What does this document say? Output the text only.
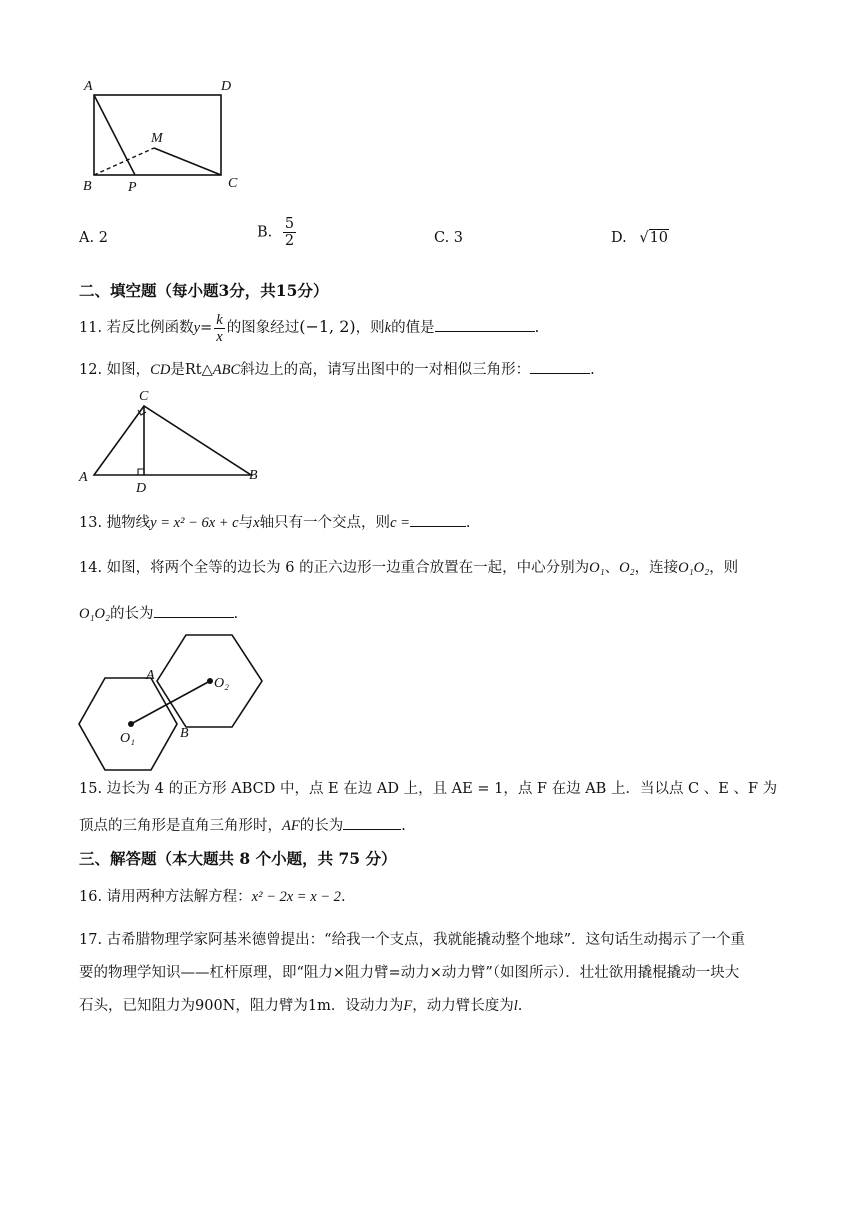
A	D
M
B	P	C
A. 2	B. $\frac{5}{2}$	C. 3	D. √10
二、填空题（每小题3分，共15分）
11. 若反比例函数$y= \frac{k}{x}$ 的图象经过(−1, 2)，则k的值是	.
12. 如图，CD是Rt△ABC斜边上的高，请写出图中的一对相似三角形：	.
C
A	B
D
13. 抛物线y = x² − 6x + c与x轴只有一个交点，则c =	.
14. 如图，将两个全等的边长为 6 的正六边形一边重合放置在一起，中心分别为O₁、O₂，连接O₁O₂，则
O₁O₂的长为	.
A
B
O₁
O₂
15. 边长为 4 的正方形 ABCD 中，点 E 在边 AD 上，且 AE = 1，点 F 在边 AB 上．当以点 C 、E 、F 为
顶点的三角形是直角三角形时，AF的长为	.
三、解答题（本大题共 8 个小题，共 75 分）
16. 请用两种方法解方程：x² − 2x = x − 2.
17. 古希腊物理学家阿基米德曾提出：“给我一个支点，我就能撬动整个地球”．这句话生动揭示了一个重
要的物理学知识——杠杆原理，即“阻力×阻力臂=动力×动力臂”（如图所示）．壮壮欲用撬棍撬动一块大
石头，已知阻力为900N，阻力臂为1m．设动力为F，动力臂长度为l.
